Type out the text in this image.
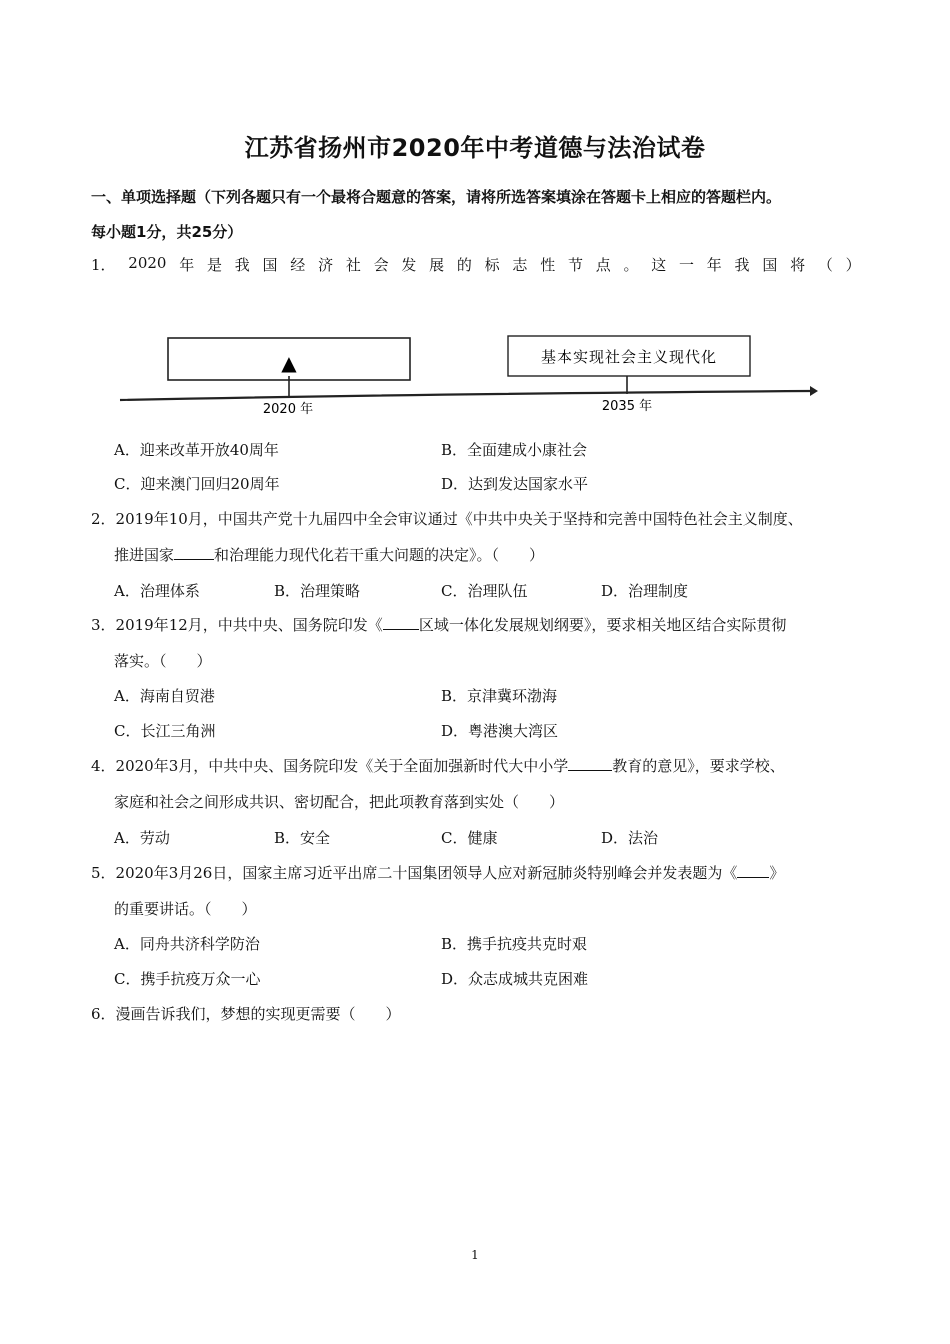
江苏省扬州市2020年中考道德与法治试卷
一、单项选择题（下列各题只有一个最将合题意的答案，请将所选答案填涂在答题卡上相应的答题栏内。
每小题1分，共25分）
1． 2020 年 是 我 国 经 济 社 会 发 展 的 标 志 性 节 点 。 这 一 年 我 国 将 （ ）
▲	基本实现社会主义现代化
2020 年	2035 年
A．迎来改革开放40周年	B．全面建成小康社会
C．迎来澳门回归20周年	D．达到发达国家水平
2．2019年10月，中国共产党十九届四中全会审议通过《中共中央关于坚持和完善中国特色社会主义制度、
推进国家	和治理能力现代化若干重大问题的决定》。（　　）
A．治理体系	B．治理策略	C．治理队伍	D．治理制度
3．2019年12月，中共中央、国务院印发《 区域一体化发展规划纲要》，要求相关地区结合实际贯彻
落实。（　　）
A．海南自贸港	B．京津冀环渤海
C．长江三角洲	D．粤港澳大湾区
4．2020年3月，中共中央、国务院印发《关于全面加强新时代大中小学	教育的意见》，要求学校、
家庭和社会之间形成共识、密切配合，把此项教育落到实处（　　）
A．劳动	B．安全	C．健康	D．法治
5．2020年3月26日，国家主席习近平出席二十国集团领导人应对新冠肺炎特别峰会并发表题为《 》
的重要讲话。（　　）
A．同舟共济科学防治	B．携手抗疫共克时艰
C．携手抗疫万众一心	D．众志成城共克困难
6．漫画告诉我们，梦想的实现更需要（　　）
1
